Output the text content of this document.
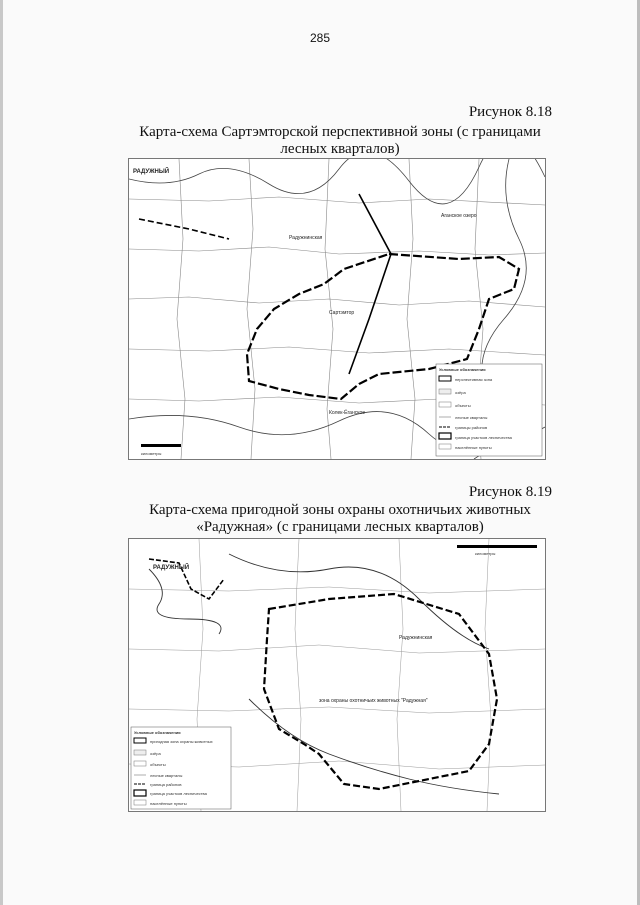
285
Рисунок 8.18
Карта-схема Сартэмторской перспективной зоны (с границами
лесных кварталов)
РАДУЖНЫЙ
Радужнинская
Сартэмтор
Колек-Ёганское
Аганское озеро
Условные обозначения
перспективная зона
озёра
объекты
лесные кварталы
границы районов
граница участков лесничества
населённые пункты
километры
Рисунок 8.19
Карта-схема пригодной зоны охраны охотничьих животных
«Радужная» (с границами лесных кварталов)
РАДУЖНЫЙ
Радужнинская
зона охраны охотничьих животных "Радужная"
Условные обозначения
пригодная зона охраны животных
озёра
объекты
лесные кварталы
граница районов
граница участков лесничества
населённые пункты
километры
